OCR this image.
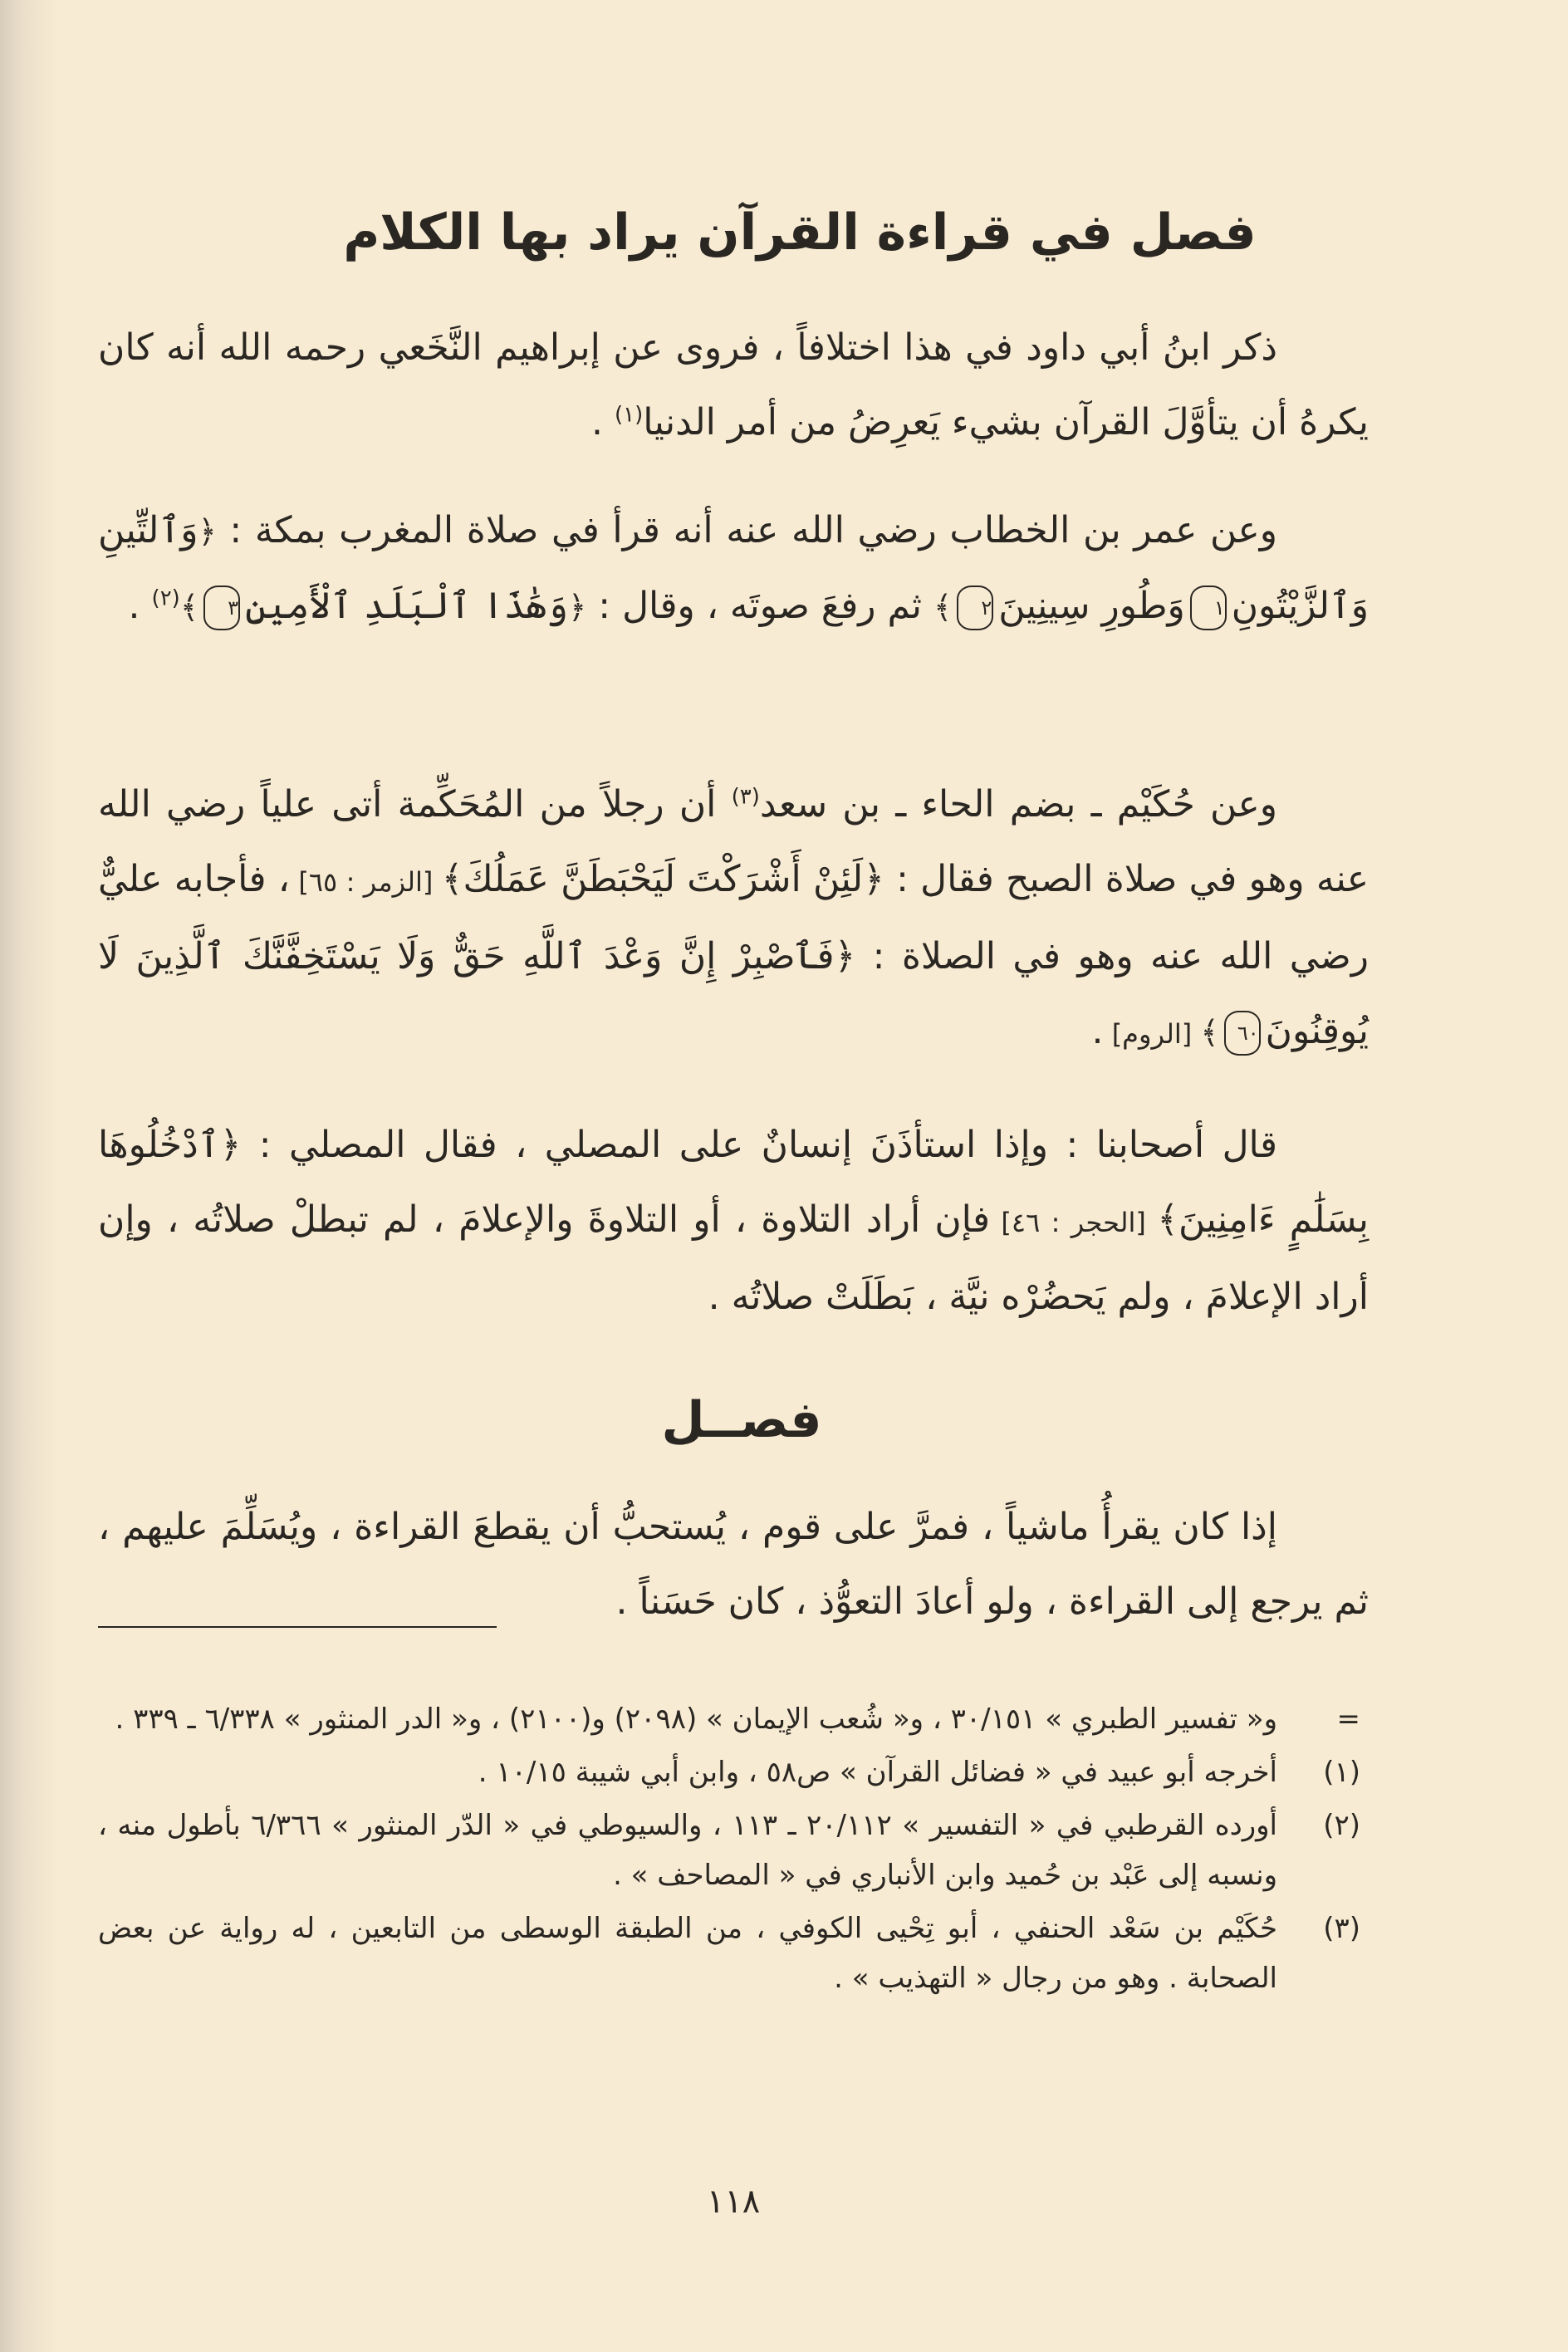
فصل في قراءة القرآن يراد بها الكلام

ذكر ابنُ أبي داود في هذا اختلافاً ، فروى عن إبراهيم النَّخَعي رحمه الله أنه كان يكرهُ أن يتأوَّلَ القرآن بشيء يَعرِضُ من أمر الدنيا$^{(١)}$ .

وعن عمر بن الخطاب رضي الله عنه أنه قرأ في صلاة المغرب بمكة : ﴿وَٱلتِّينِ وَٱلزَّيْتُونِ١وَطُورِ سِينِينَ٢﴾ ثم رفعَ صوتَه ، وقال : ﴿وَهَٰذَا ٱلْبَلَدِ ٱلْأَمِينِ٣﴾$^{(٢)}$ .

وعن حُكَيْم ـ بضم الحاء ـ بن سعد$^{(٣)}$ أن رجلاً من المُحَكِّمة أتى علياً رضي الله عنه وهو في صلاة الصبح فقال : ﴿لَئِنْ أَشْرَكْتَ لَيَحْبَطَنَّ عَمَلُكَ﴾ [الزمر : ٦٥] ، فأجابه عليٌّ رضي الله عنه وهو في الصلاة : ﴿فَٱصْبِرْ إِنَّ وَعْدَ ٱللَّهِ حَقٌّ وَلَا يَسْتَخِفَّنَّكَ ٱلَّذِينَ لَا يُوقِنُونَ٦٠﴾ [الروم] .

قال أصحابنا : وإذا استأذَنَ إنسانٌ على المصلي ، فقال المصلي : ﴿ٱدْخُلُوهَا بِسَلَٰمٍ ءَامِنِينَ﴾ [الحجر : ٤٦] فإن أراد التلاوة ، أو التلاوةَ والإعلامَ ، لم تبطلْ صلاتُه ، وإن أراد الإعلامَ ، ولم يَحضُرْه نيَّة ، بَطَلَتْ صلاتُه .

فصــل

إذا كان يقرأُ ماشياً ، فمرَّ على قوم ، يُستحبُّ أن يقطعَ القراءة ، ويُسَلِّمَ عليهم ، ثم يرجع إلى القراءة ، ولو أعادَ التعوُّذ ، كان حَسَناً .

=
و« تفسير الطبري » ٣٠/١٥١ ، و« شُعب الإيمان » (٢٠٩٨) و(٢١٠٠) ، و« الدر المنثور » ٦/٣٣٨ ـ ٣٣٩ .
(١)
أخرجه أبو عبيد في « فضائل القرآن » ص٥٨ ، وابن أبي شيبة ١٠/١٥ .
(٢)
أورده القرطبي في « التفسير » ٢٠/١١٢ ـ ١١٣ ، والسيوطي في « الدّر المنثور » ٦/٣٦٦ بأطول منه ، ونسبه إلى عَبْد بن حُميد وابن الأنباري في « المصاحف » .
(٣)
حُكَيْم بن سَعْد الحنفي ، أبو تِحْيى الكوفي ، من الطبقة الوسطى من التابعين ، له رواية عن بعض الصحابة . وهو من رجال « التهذيب » .
١١٨
